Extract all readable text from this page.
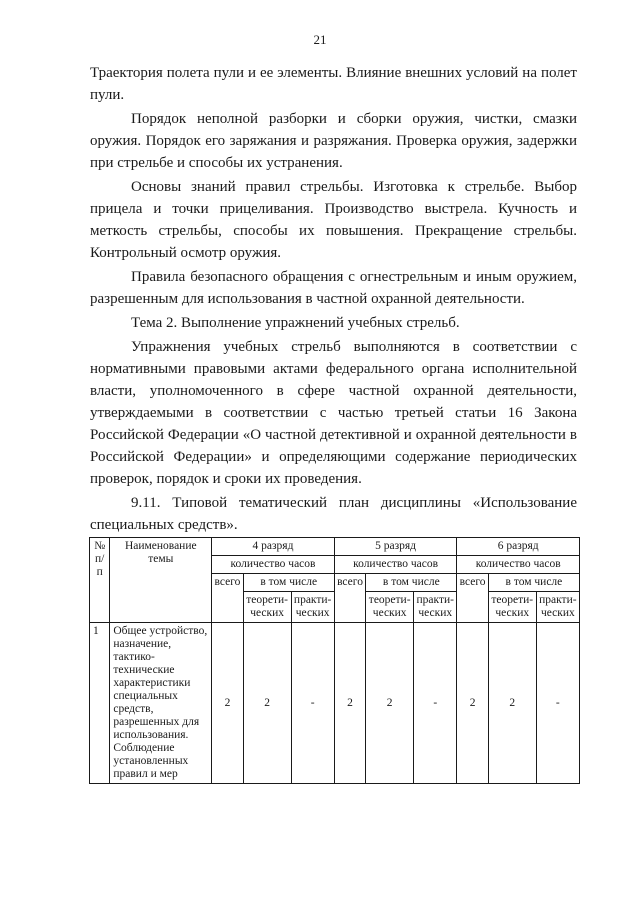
21

Траектория полета пули и ее элементы. Влияние внешних условий на полет пули.

Порядок неполной разборки и сборки оружия, чистки, смазки оружия. Порядок его заряжания и разряжания. Проверка оружия, задержки при стрельбе и способы их устранения.

Основы знаний правил стрельбы. Изготовка к стрельбе. Выбор прицела и точки прицеливания. Производство выстрела. Кучность и меткость стрельбы, способы их повышения. Прекращение стрельбы. Контрольный осмотр оружия.

Правила безопасного обращения с огнестрельным и иным оружием, разрешенным для использования в частной охранной деятельности.

Тема 2. Выполнение упражнений учебных стрельб.

Упражнения учебных стрельб выполняются в соответствии с нормативными правовыми актами федерального органа исполнительной власти, уполномоченного в сфере частной охранной деятельности, утверждаемыми в соответствии с частью третьей статьи 16 Закона Российской Федерации «О частной детективной и охранной деятельности в Российской Федерации» и определяющими содержание периодических проверок, порядок и сроки их проведения.

9.11. Типовой тематический план дисциплины «Использование специальных средств».

№ п/ п	Наименование темы	4 разряд			5 разряд			6 разряд		
		количество часов			количество часов			количество часов		
		всего	в том числе		всего	в том числе		всего	в том числе	
			теорети-ческих	практи-ческих		теорети-ческих	практи-ческих		теорети-ческих	практи-ческих
1	Общее устройство, назначение, тактико-технические характеристики специальных средств, разрешенных для использования. Соблюдение установленных правил и мер	2	2	-	2	2	-	2	2	-
